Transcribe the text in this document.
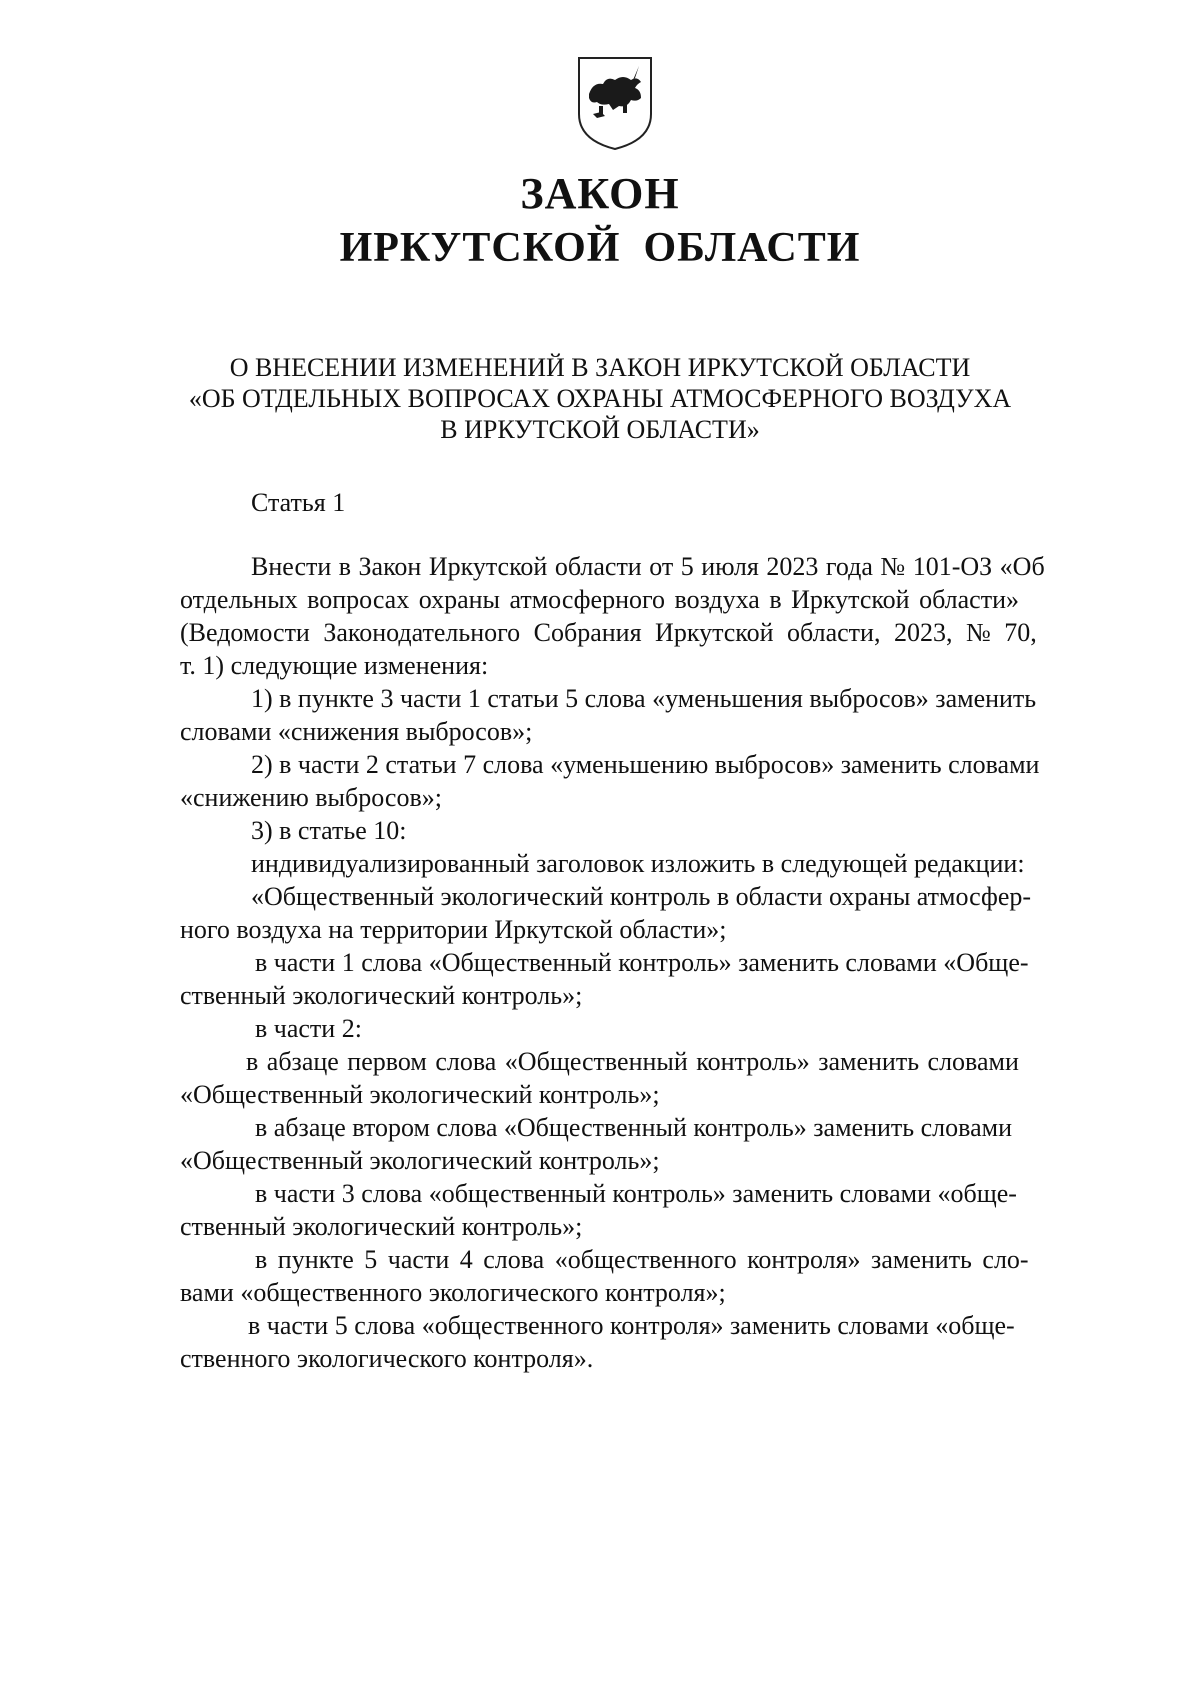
ЗАКОН
ИРКУТСКОЙ  ОБЛАСТИ
О ВНЕСЕНИИ ИЗМЕНЕНИЙ В ЗАКОН ИРКУТСКОЙ ОБЛАСТИ
«ОБ ОТДЕЛЬНЫХ ВОПРОСАХ ОХРАНЫ АТМОСФЕРНОГО ВОЗДУХА
В ИРКУТСКОЙ ОБЛАСТИ»
Статья 1
Внести в Закон Иркутской области от 5 июля 2023 года № 101-ОЗ «Об
отдельных вопросах охраны атмосферного воздуха в Иркутской области»
(Ведомости Законодательного Собрания Иркутской области, 2023, № 70,
т. 1) следующие изменения:
1) в пункте 3 части 1 статьи 5 слова «уменьшения выбросов» заменить
словами «снижения выбросов»;
2) в части 2 статьи 7 слова «уменьшению выбросов» заменить словами
«снижению выбросов»;
3) в статье 10:
индивидуализированный заголовок изложить в следующей редакции:
«Общественный экологический контроль в области охраны атмосфер-
ного воздуха на территории Иркутской области»;
в части 1 слова «Общественный контроль» заменить словами «Обще-
ственный экологический контроль»;
в части 2:
в абзаце первом слова «Общественный контроль» заменить словами
«Общественный экологический контроль»;
в абзаце втором слова «Общественный контроль» заменить словами
«Общественный экологический контроль»;
в части 3 слова «общественный контроль» заменить словами «обще-
ственный экологический контроль»;
в пункте 5 части 4 слова «общественного контроля» заменить сло-
вами «общественного экологического контроля»;
в части 5 слова «общественного контроля» заменить словами «обще-
ственного экологического контроля».
